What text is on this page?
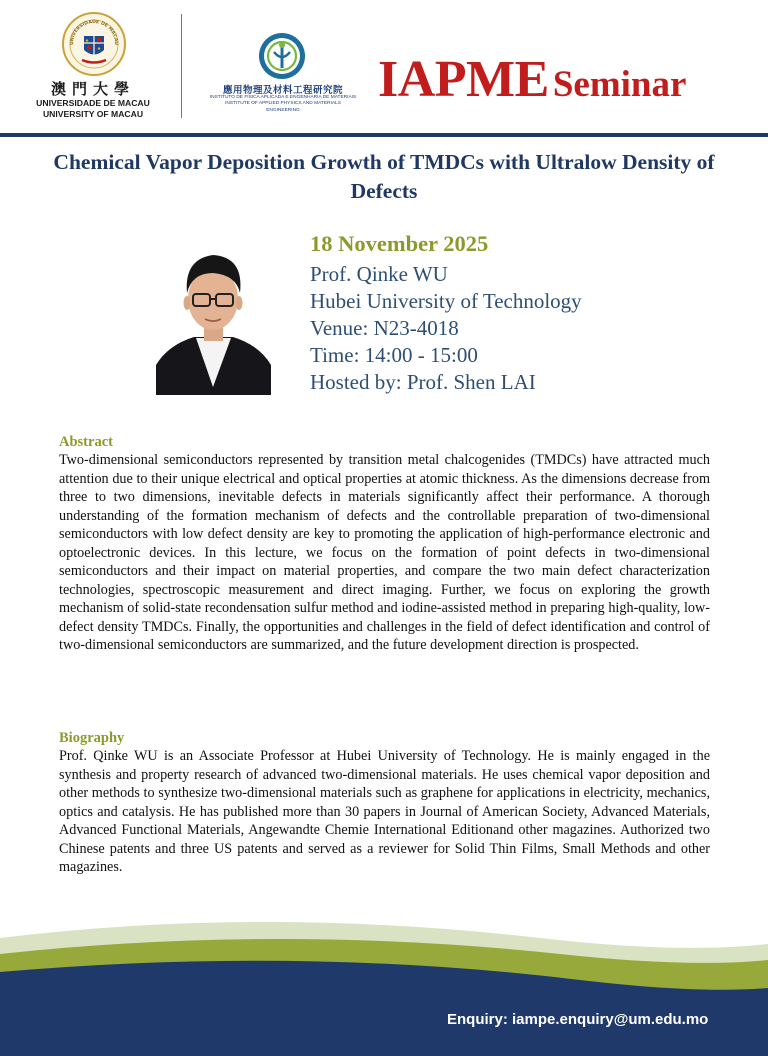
UNIVERSIDADE DE MACAU
澳門大學
UNIVERSIDADE DE MACAU
UNIVERSITY OF MACAU
應用物理及材料工程研究院
INSTITUTO DE FÍSICA APLICADA E ENGENHARIA DE MATERIAIS
INSTITUTE OF APPLIED PHYSICS AND MATERIALS ENGINEERING
IAPME Seminar
Chemical Vapor Deposition Growth of TMDCs with Ultralow Density of Defects
18 November 2025
Prof. Qinke WU
Hubei University of Technology
Venue: N23-4018
Time: 14:00 - 15:00
Hosted by: Prof. Shen LAI
Abstract

Two-dimensional semiconductors represented by transition metal chalcogenides (TMDCs) have attracted much attention due to their unique electrical and optical properties at atomic thickness. As the dimensions decrease from three to two dimensions, inevitable defects in materials significantly affect their performance. A thorough understanding of the formation mechanism of defects and the controllable preparation of two-dimensional semiconductors with low defect density are key to promoting the application of high-performance electronic and optoelectronic devices. In this lecture, we focus on the formation of point defects in two-dimensional semiconductors and their impact on material properties, and compare the two main defect characterization technologies, spectroscopic measurement and direct imaging. Further, we focus on exploring the growth mechanism of solid-state recondensation sulfur method and iodine-assisted method in preparing high-quality, low-defect density TMDCs. Finally, the opportunities and challenges in the field of defect identification and control of two-dimensional semiconductors are summarized, and the future development direction is prospected.

Biography

Prof. Qinke WU is an Associate Professor at Hubei University of Technology. He is mainly engaged in the synthesis and property research of advanced two-dimensional materials. He uses chemical vapor deposition and other methods to synthesize two-dimensional materials such as graphene for applications in electricity, mechanics, optics and catalysis. He has published more than 30 papers in Journal of American Society, Advanced Materials, Advanced Functional Materials, Angewandte Chemie International Editionand other magazines. Authorized two Chinese patents and three US patents and served as a reviewer for Solid Thin Films, Small Methods and other magazines.

Enquiry: iampe.enquiry@um.edu.mo
